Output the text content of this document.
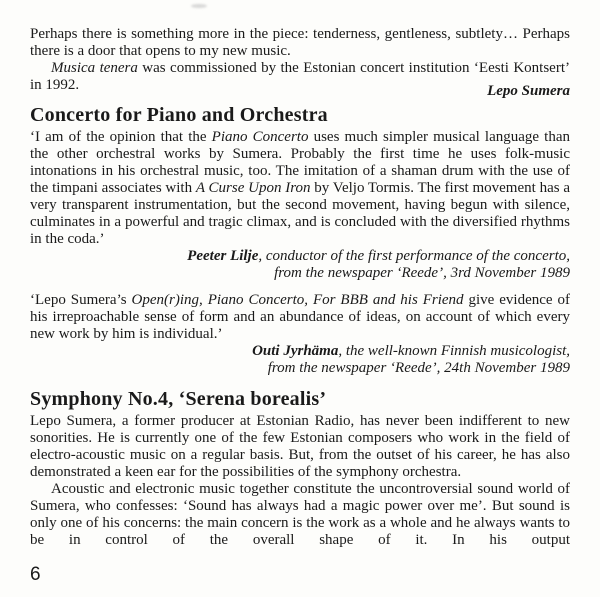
Perhaps there is something more in the piece: tenderness, gentleness, subtlety… Perhaps there is a door that opens to my new music.

Musica tenera was commissioned by the Estonian concert institution ‘Eesti Kontsert’ in 1992.	Lepo Sumera

Concerto for Piano and Orchestra

‘I am of the opinion that the Piano Concerto uses much simpler musical language than the other orchestral works by Sumera. Probably the first time he uses folk-music intonations in his orchestral music, too. The imitation of a shaman drum with the use of the timpani associates with A Curse Upon Iron by Veljo Tormis. The first movement has a very transparent instrumentation, but the second movement, having begun with silence, culminates in a powerful and tragic climax, and is concluded with the diversified rhythms in the coda.’

Peeter Lilje, conductor of the first performance of the concerto,
from the newspaper ‘Reede’, 3rd November 1989

‘Lepo Sumera’s Open(r)ing, Piano Concerto, For BBB and his Friend give evidence of his irreproachable sense of form and an abundance of ideas, on account of which every new work by him is individual.’

Outi Jyrhäma, the well-known Finnish musicologist,
from the newspaper ‘Reede’, 24th November 1989
Symphony No.4, ‘Serena borealis’

Lepo Sumera, a former producer at Estonian Radio, has never been indifferent to new sonorities. He is currently one of the few Estonian composers who work in the field of electro-acoustic music on a regular basis. But, from the outset of his career, he has also demonstrated a keen ear for the possibilities of the symphony orchestra.

Acoustic and electronic music together constitute the uncontroversial sound world of Sumera, who confesses: ‘Sound has always had a magic power over me’. But sound is only one of his concerns: the main concern is the work as a whole and he always wants to be in control of the overall shape of it. In his output

6
